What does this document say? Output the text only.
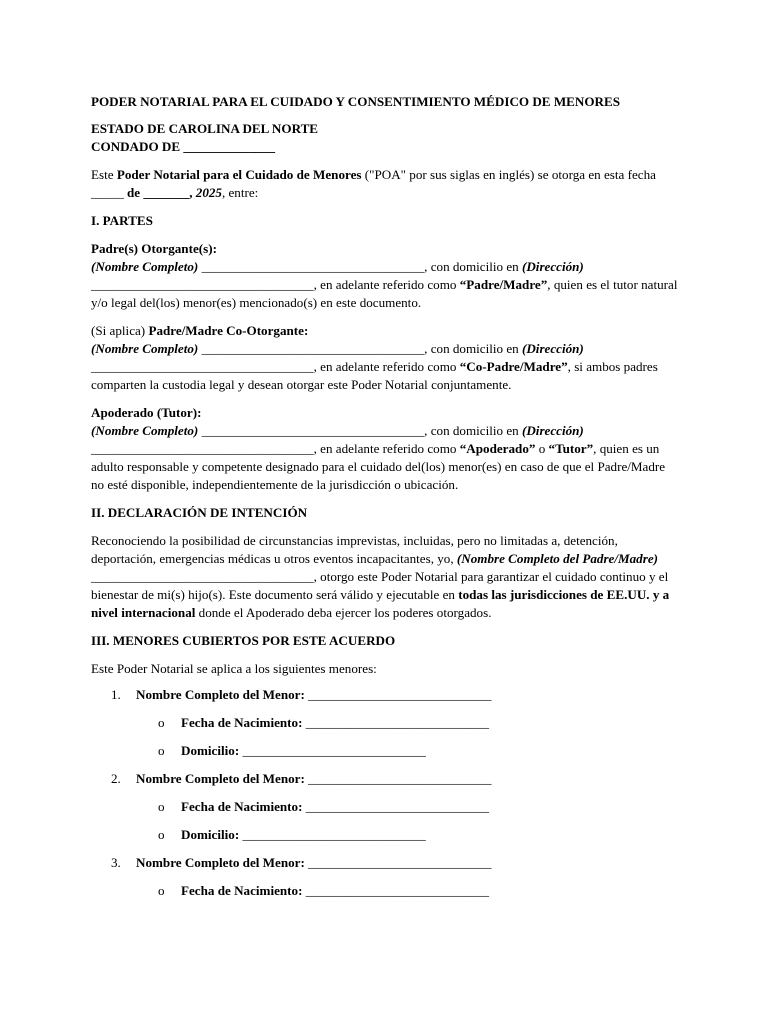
PODER NOTARIAL PARA EL CUIDADO Y CONSENTIMIENTO MÉDICO DE MENORES

ESTADO DE CAROLINA DEL NORTE

CONDADO DE ______________

Este Poder Notarial para el Cuidado de Menores ("POA" por sus siglas en inglés) se otorga en esta fecha _____ de _______, 2025, entre:

I. PARTES

Padre(s) Otorgante(s):

(Nombre Completo) __________________________________, con domicilio en (Dirección) __________________________________, en adelante referido como “Padre/Madre”, quien es el tutor natural y/o legal del(los) menor(es) mencionado(s) en este documento.

(Si aplica) Padre/Madre Co-Otorgante:

(Nombre Completo) __________________________________, con domicilio en (Dirección) __________________________________, en adelante referido como “Co-Padre/Madre”, si ambos padres comparten la custodia legal y desean otorgar este Poder Notarial conjuntamente.

Apoderado (Tutor):

(Nombre Completo) __________________________________, con domicilio en (Dirección) __________________________________, en adelante referido como “Apoderado” o “Tutor”, quien es un adulto responsable y competente designado para el cuidado del(los) menor(es) en caso de que el Padre/Madre no esté disponible, independientemente de la jurisdicción o ubicación.

II. DECLARACIÓN DE INTENCIÓN

Reconociendo la posibilidad de circunstancias imprevistas, incluidas, pero no limitadas a, detención, deportación, emergencias médicas u otros eventos incapacitantes, yo, (Nombre Completo del Padre/Madre) __________________________________, otorgo este Poder Notarial para garantizar el cuidado continuo y el bienestar de mi(s) hijo(s). Este documento será válido y ejecutable en todas las jurisdicciones de EE.UU. y a nivel internacional donde el Apoderado deba ejercer los poderes otorgados.

III. MENORES CUBIERTOS POR ESTE ACUERDO

Este Poder Notarial se aplica a los siguientes menores:

1. Nombre Completo del Menor: ____________________________
o Fecha de Nacimiento: ____________________________
o Domicilio: ____________________________
2. Nombre Completo del Menor: ____________________________
o Fecha de Nacimiento: ____________________________
o Domicilio: ____________________________
3. Nombre Completo del Menor: ____________________________
o Fecha de Nacimiento: ____________________________
